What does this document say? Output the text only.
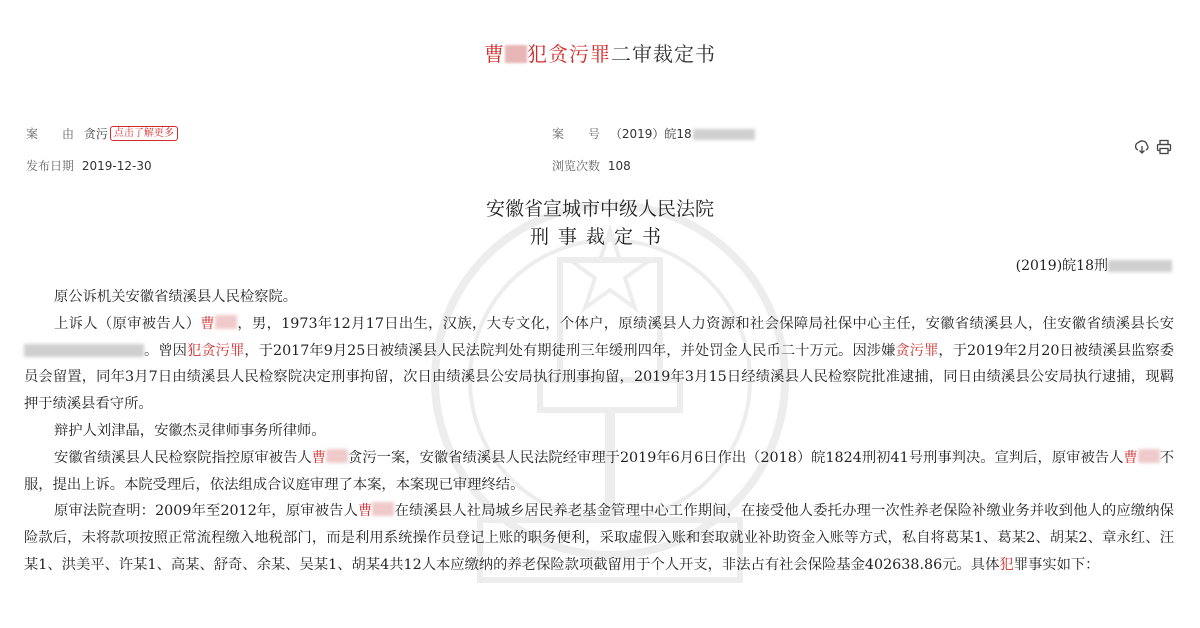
曹 犯贪污罪二审裁定书
案　　由 贪污 点击了解更多	案　　号 （2019）皖18
发布日期 2019-12-30	浏览次数 108
安徽省宣城市中级人民法院
刑事裁定书
(2019)皖18刑

原公诉机关安徽省绩溪县人民检察院。

上诉人（原审被告人）曹 ，男，1973年12月17日出生，汉族，大专文化，个体户，原绩溪县人力资源和社会保障局社保中心主任，安徽省绩溪县人，住安徽省绩溪县长安。曾因犯贪污罪，于2017年9月25日被绩溪县人民法院判处有期徒刑三年缓刑四年，并处罚金人民币二十万元。因涉嫌贪污罪，于2019年2月20日被绩溪县监察委员会留置，同年3月7日由绩溪县人民检察院决定刑事拘留，次日由绩溪县公安局执行刑事拘留，2019年3月15日经绩溪县人民检察院批准逮捕，同日由绩溪县公安局执行逮捕，现羁押于绩溪县看守所。

辩护人刘津晶，安徽杰灵律师事务所律师。

安徽省绩溪县人民检察院指控原审被告人曹 贪污一案，安徽省绩溪县人民法院经审理于2019年6月6日作出（2018）皖1824刑初41号刑事判决。宣判后，原审被告人曹 不服，提出上诉。本院受理后，依法组成合议庭审理了本案，本案现已审理终结。

原审法院查明：2009年至2012年，原审被告人曹 在绩溪县人社局城乡居民养老基金管理中心工作期间，在接受他人委托办理一次性养老保险补缴业务并收到他人的应缴纳保险款后，未将款项按照正常流程缴入地税部门，而是利用系统操作员登记上账的职务便利，采取虚假入账和套取就业补助资金入账等方式，私自将葛某1、葛某2、胡某2、章永红、汪某1、洪美平、许某1、高某、舒奇、余某、吴某1、胡某4共12人本应缴纳的养老保险款项截留用于个人开支，非法占有社会保险基金402638.86元。具体犯罪事实如下：
